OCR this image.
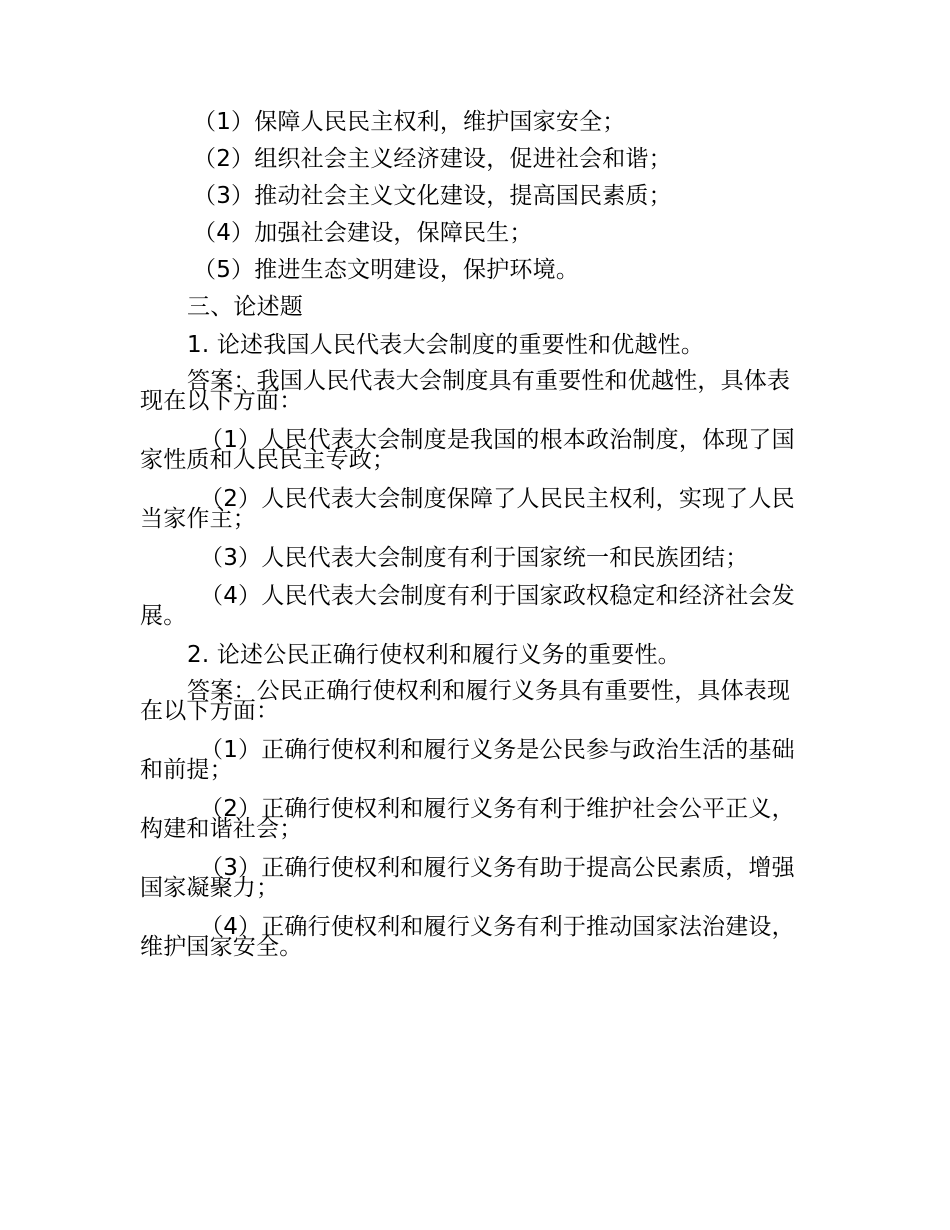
（1）保障人民民主权利，维护国家安全；
（2）组织社会主义经济建设，促进社会和谐；
（3）推动社会主义文化建设，提高国民素质；
（4）加强社会建设，保障民生；
（5）推进生态文明建设，保护环境。
三、论述题
1. 论述我国人民代表大会制度的重要性和优越性。
答案：我国人民代表大会制度具有重要性和优越性，具体表现在以下方面：
（1）人民代表大会制度是我国的根本政治制度，体现了国家性质和人民民主专政；
（2）人民代表大会制度保障了人民民主权利，实现了人民当家作主；
（3）人民代表大会制度有利于国家统一和民族团结；
（4）人民代表大会制度有利于国家政权稳定和经济社会发展。
2. 论述公民正确行使权利和履行义务的重要性。
答案：公民正确行使权利和履行义务具有重要性，具体表现在以下方面：
（1）正确行使权利和履行义务是公民参与政治生活的基础和前提；
（2）正确行使权利和履行义务有利于维护社会公平正义，构建和谐社会；
（3）正确行使权利和履行义务有助于提高公民素质，增强国家凝聚力；
（4）正确行使权利和履行义务有利于推动国家法治建设，维护国家安全。
